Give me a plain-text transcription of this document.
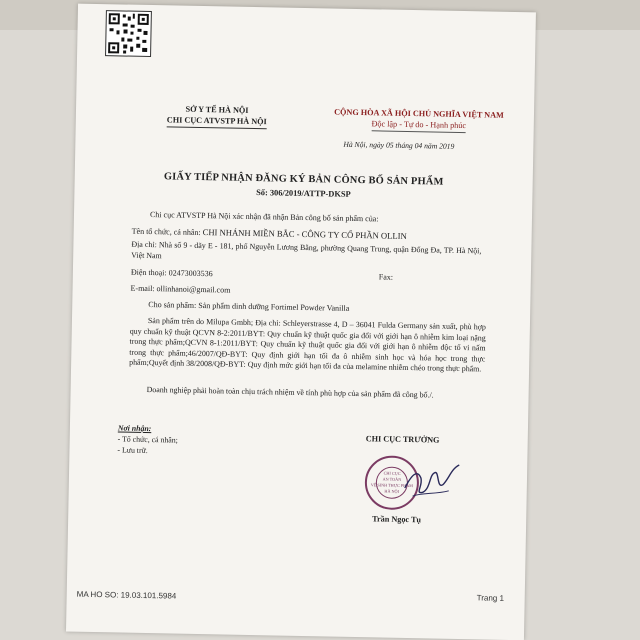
SỞ Y TẾ HÀ NỘI
CHI CỤC ATVSTP HÀ NỘI
CỘNG HÒA XÃ HỘI CHỦ NGHĨA VIỆT NAM
Độc lập - Tự do - Hạnh phúc
Hà Nội, ngày 05 tháng 04 năm 2019
GIẤY TIẾP NHẬN ĐĂNG KÝ BẢN CÔNG BỐ SẢN PHẨM
Số: 306/2019/ATTP-DKSP
Chi cục ATVSTP Hà Nội xác nhận đã nhận Bản công bố sản phẩm của:
Tên tổ chức, cá nhân: CHI NHÁNH MIỀN BẮC - CÔNG TY CỔ PHẦN OLLIN
Địa chỉ: Nhà số 9 - dãy E - 181, phố Nguyễn Lương Bằng, phường Quang Trung, quận Đống Đa, TP. Hà Nội, Việt Nam
Điện thoại: 02473003536	Fax:
E-mail: ollinhanoi@gmail.com
Cho sản phẩm: Sản phẩm dinh dưỡng Fortimel Powder Vanilla
Sản phẩm trên do Milupa Gmbh; Địa chỉ: Schleyerstrasse 4, D – 36041 Fulda Germany sản xuất, phù hợp quy chuẩn kỹ thuật QCVN 8-2:2011/BYT: Quy chuẩn kỹ thuật quốc gia đối với giới hạn ô nhiễm kim loại nặng trong thực phẩm;QCVN 8-1:2011/BYT: Quy chuẩn kỹ thuật quốc gia đối với giới hạn ô nhiễm độc tố vi nấm trong thực phẩm;46/2007/QĐ-BYT: Quy định giới hạn tối đa ô nhiễm sinh học và hóa học trong thực phẩm;Quyết định 38/2008/QĐ-BYT: Quy định mức giới hạn tối đa của melamine nhiễm chéo trong thực phẩm.
Doanh nghiệp phải hoàn toàn chịu trách nhiệm về tính phù hợp của sản phẩm đã công bố./.
Nơi nhận:
- Tổ chức, cá nhân;
- Lưu trữ.
CHI CỤC TRƯỞNG
CHI CỤC
AN TOÀN
VỆ SINH THỰC PHẨM
HÀ NỘI
Trần Ngọc Tụ
MA HO SO: 19.03.101.5984	Trang 1
